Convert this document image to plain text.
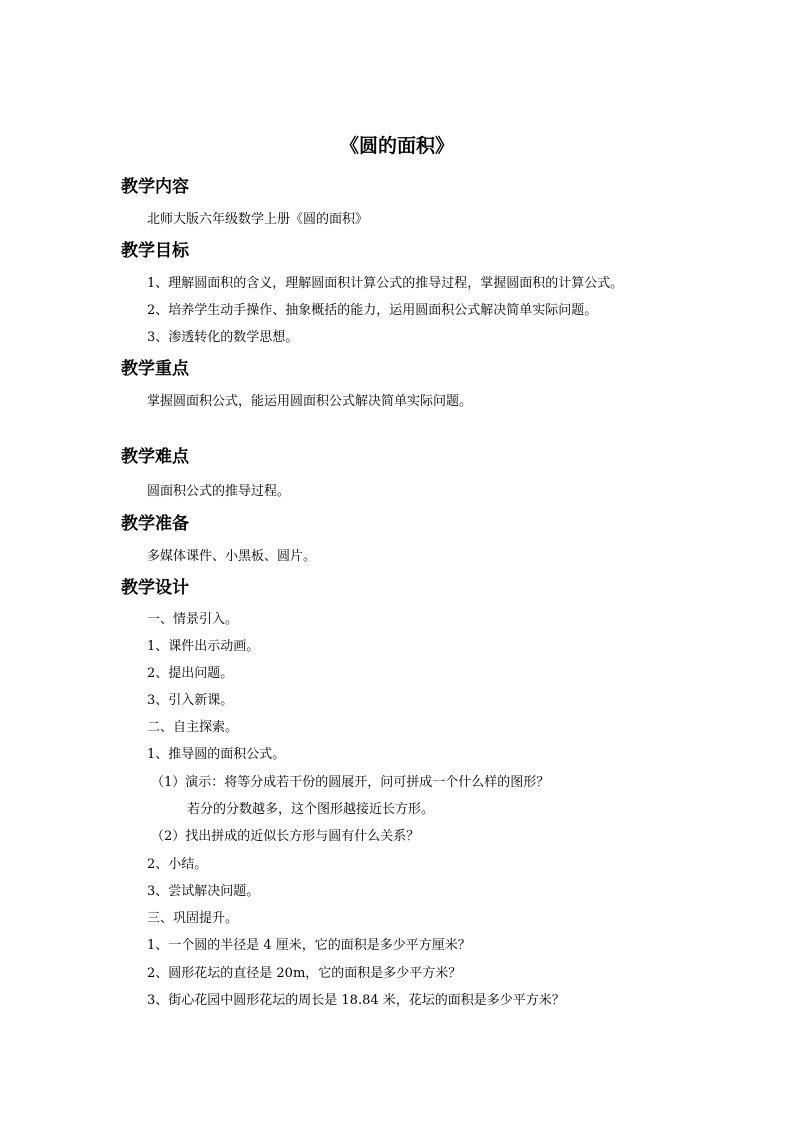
《圆的面积》
教学内容
北师大版六年级数学上册《圆的面积》
教学目标
1、理解圆面积的含义，理解圆面积计算公式的推导过程，掌握圆面积的计算公式。
2、培养学生动手操作、抽象概括的能力，运用圆面积公式解决简单实际问题。
3、渗透转化的数学思想。
教学重点
掌握圆面积公式，能运用圆面积公式解决简单实际问题。
教学难点
圆面积公式的推导过程。
教学准备
多媒体课件、小黑板、圆片。
教学设计
一、情景引入。
1、课件出示动画。
2、提出问题。
3、引入新课。
二、自主探索。
1、推导圆的面积公式。
（1）演示：将等分成若干份的圆展开，问可拼成一个什么样的图形？
若分的分数越多，这个图形越接近长方形。
（2）找出拼成的近似长方形与圆有什么关系？
2、小结。
3、尝试解决问题。
三、巩固提升。
1、一个圆的半径是 4 厘米，它的面积是多少平方厘米？
2、圆形花坛的直径是 20m，它的面积是多少平方米？
3、街心花园中圆形花坛的周长是 18.84 米，花坛的面积是多少平方米？
